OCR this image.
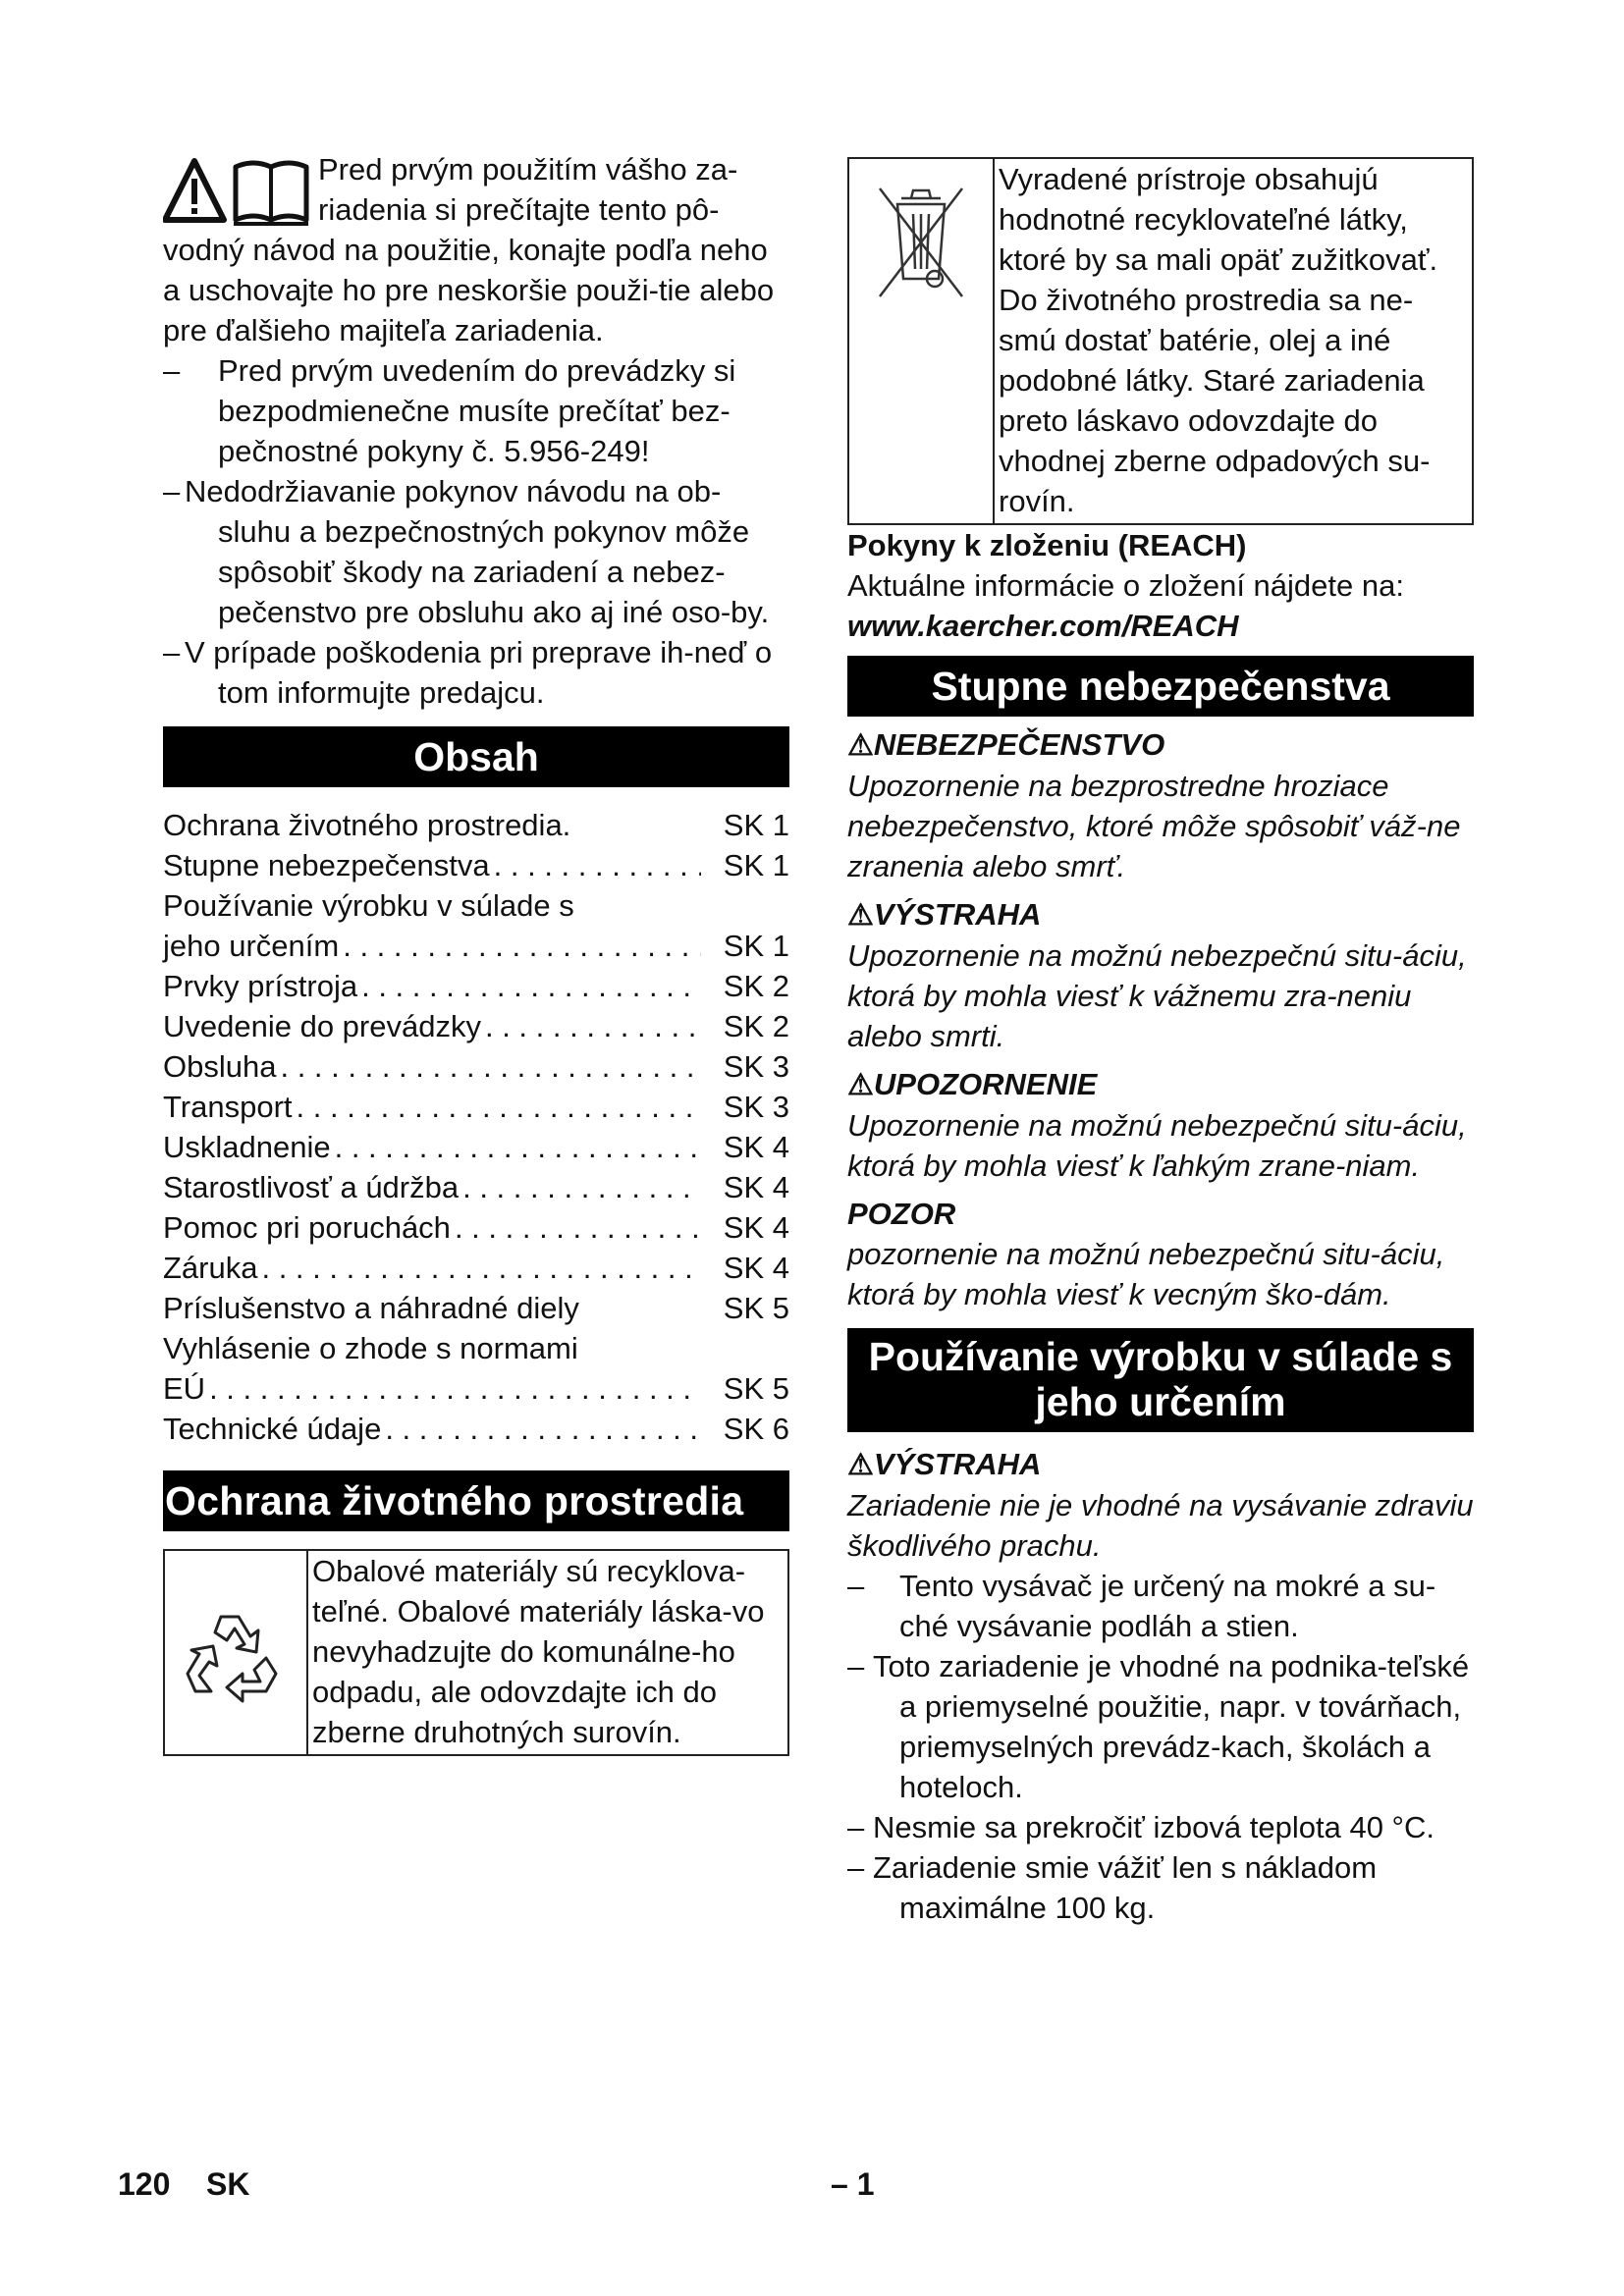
Pred prvým použitím vášho za-riadenia si prečítajte tento pô-vodný návod na použitie, konajte podľa neho a uschovajte ho pre neskoršie použi-tie alebo pre ďalšieho majiteľa zariadenia.

– Pred prvým uvedením do prevádzky si bezpodmienečne musíte prečítať bez-pečnostné pokyny č. 5.956-249!

– Nedodržiavanie pokynov návodu na ob-sluhu a bezpečnostných pokynov môže spôsobiť škody na zariadení a nebez-pečenstvo pre obsluhu ako aj iné oso-by.

– V prípade poškodenia pri preprave ih-neď o tom informujte predajcu.

Obsah
Ochrana životného prostredia.	SK 1
Stupne nebezpečenstva . . .	SK 1
Používanie výrobku v súlade s
jeho určením . . .	SK 1
Prvky prístroja . . .	SK 2
Uvedenie do prevádzky . . .	SK 2
Obsluha . . .	SK 3
Transport . . .	SK 3
Uskladnenie . . .	SK 4
Starostlivosť a údržba . . .	SK 4
Pomoc pri poruchách . . .	SK 4
Záruka . . .	SK 4
Príslušenstvo a náhradné diely	SK 5
Vyhlásenie o zhode s normami
EÚ . . .	SK 5
Technické údaje . . .	SK 6
Ochrana životného prostredia
Obalové materiály sú recyklova-teľné. Obalové materiály láska-vo nevyhadzujte do komunálne-ho odpadu, ale odovzdajte ich do zberne druhotných surovín.
Vyradené prístroje obsahujú hodnotné recyklovateľné látky, ktoré by sa mali opäť zužitkovať. Do životného prostredia sa ne-smú dostať batérie, olej a iné podobné látky. Staré zariadenia preto láskavo odovzdajte do vhodnej zberne odpadových su-rovín.

Pokyny k zloženiu (REACH)

Aktuálne informácie o zložení nájdete na:

www.kaercher.com/REACH

Stupne nebezpečenstva

⚠NEBEZPEČENSTVO

Upozornenie na bezprostredne hroziace nebezpečenstvo, ktoré môže spôsobiť váž-ne zranenia alebo smrť.

⚠VÝSTRAHA

Upozornenie na možnú nebezpečnú situ-áciu, ktorá by mohla viesť k vážnemu zra-neniu alebo smrti.

⚠UPOZORNENIE

Upozornenie na možnú nebezpečnú situ-áciu, ktorá by mohla viesť k ľahkým zrane-niam.

POZOR

pozornenie na možnú nebezpečnú situ-áciu, ktorá by mohla viesť k vecným ško-dám.

Používanie výrobku v súlade s jeho určením

⚠VÝSTRAHA

Zariadenie nie je vhodné na vysávanie zdraviu škodlivého prachu.

– Tento vysávač je určený na mokré a su-ché vysávanie podláh a stien.

– Toto zariadenie je vhodné na podnika-teľské a priemyselné použitie, napr. v továrňach, priemyselných prevádz-kach, školách a hoteloch.

– Nesmie sa prekročiť izbová teplota 40 °C.

– Zariadenie smie vážiť len s nákladom maximálne 100 kg.

120 SK	– 1
